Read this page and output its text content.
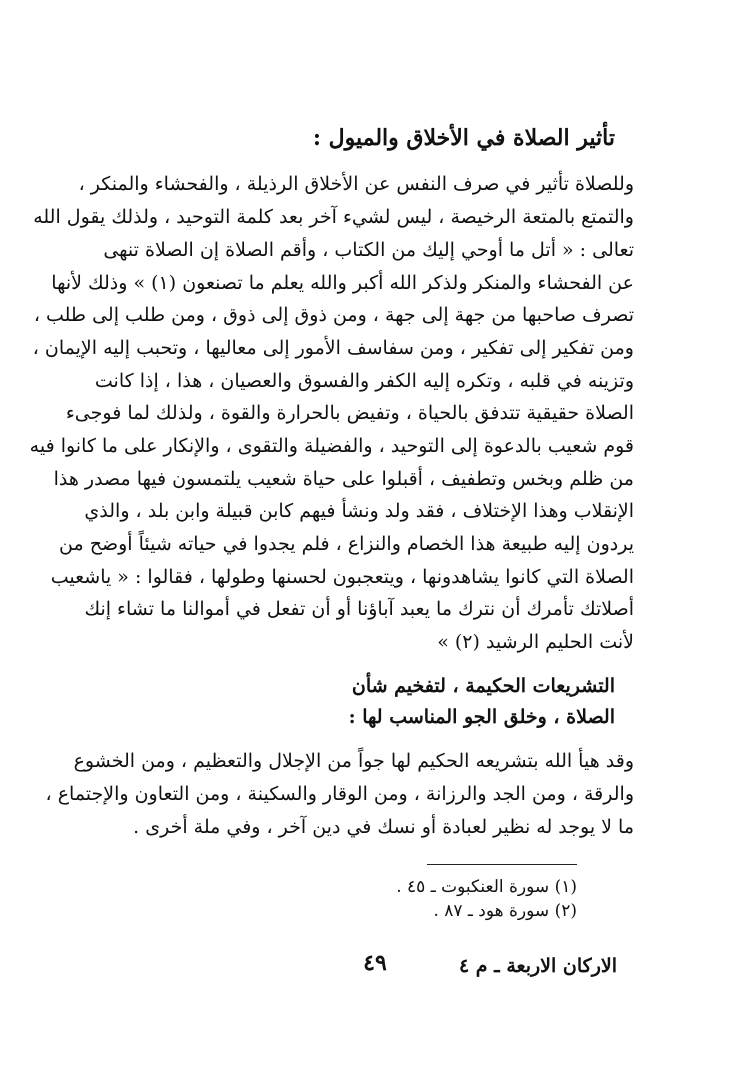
تأثير الصلاة في الأخلاق والميول :
وللصلاة تأثير في صرف النفس عن الأخلاق الرذيلة ، والفحشاء والمنكر ،
والتمتع بالمتعة الرخيصة ، ليس لشيء آخر بعد كلمة التوحيد ، ولذلك يقول الله
تعالى : « أتل ما أوحي إليك من الكتاب ، وأقم الصلاة إن الصلاة تنهى
عن الفحشاء والمنكر ولذكر الله أكبر والله يعلم ما تصنعون (١) » وذلك لأنها
تصرف صاحبها من جهة إلى جهة ، ومن ذوق إلى ذوق ، ومن طلب إلى طلب ،
ومن تفكير إلى تفكير ، ومن سفاسف الأمور إلى معاليها ، وتحبب إليه الإيمان ،
وتزينه في قلبه ، وتكره إليه الكفر والفسوق والعصيان ، هذا ، إذا كانت
الصلاة حقيقية تتدفق بالحياة ، وتفيض بالحرارة والقوة ، ولذلك لما فوجىء
قوم شعيب بالدعوة إلى التوحيد ، والفضيلة والتقوى ، والإنكار على ما كانوا فيه
من ظلم وبخس وتطفيف ، أقبلوا على حياة شعيب يلتمسون فيها مصدر هذا
الإنقلاب وهذا الإختلاف ، فقد ولد ونشأ فيهم كابن قبيلة وابن بلد ، والذي
يردون إليه طبيعة هذا الخصام والنزاع ، فلم يجدوا في حياته شيئاً أوضح من
الصلاة التي كانوا يشاهدونها ، ويتعجبون لحسنها وطولها ، فقالوا : « ياشعيب
أصلاتك تأمرك أن نترك ما يعبد آباؤنا أو أن تفعل في أموالنا ما تشاء إنك
لأنت الحليم الرشيد (٢) »
التشريعات الحكيمة ، لتفخيم شأن
الصلاة ، وخلق الجو المناسب لها :
وقد هيأ الله بتشريعه الحكيم لها جواً من الإجلال والتعظيم ، ومن الخشوع
والرقة ، ومن الجد والرزانة ، ومن الوقار والسكينة ، ومن التعاون والإجتماع ،
ما لا يوجد له نظير لعبادة أو نسك في دين آخر ، وفي ملة أخرى .
(١) سورة العنكبوت ـ ٤٥ .
(٢) سورة هود ـ ٨٧ .
٤٩	الاركان الاربعة ـ م ٤
